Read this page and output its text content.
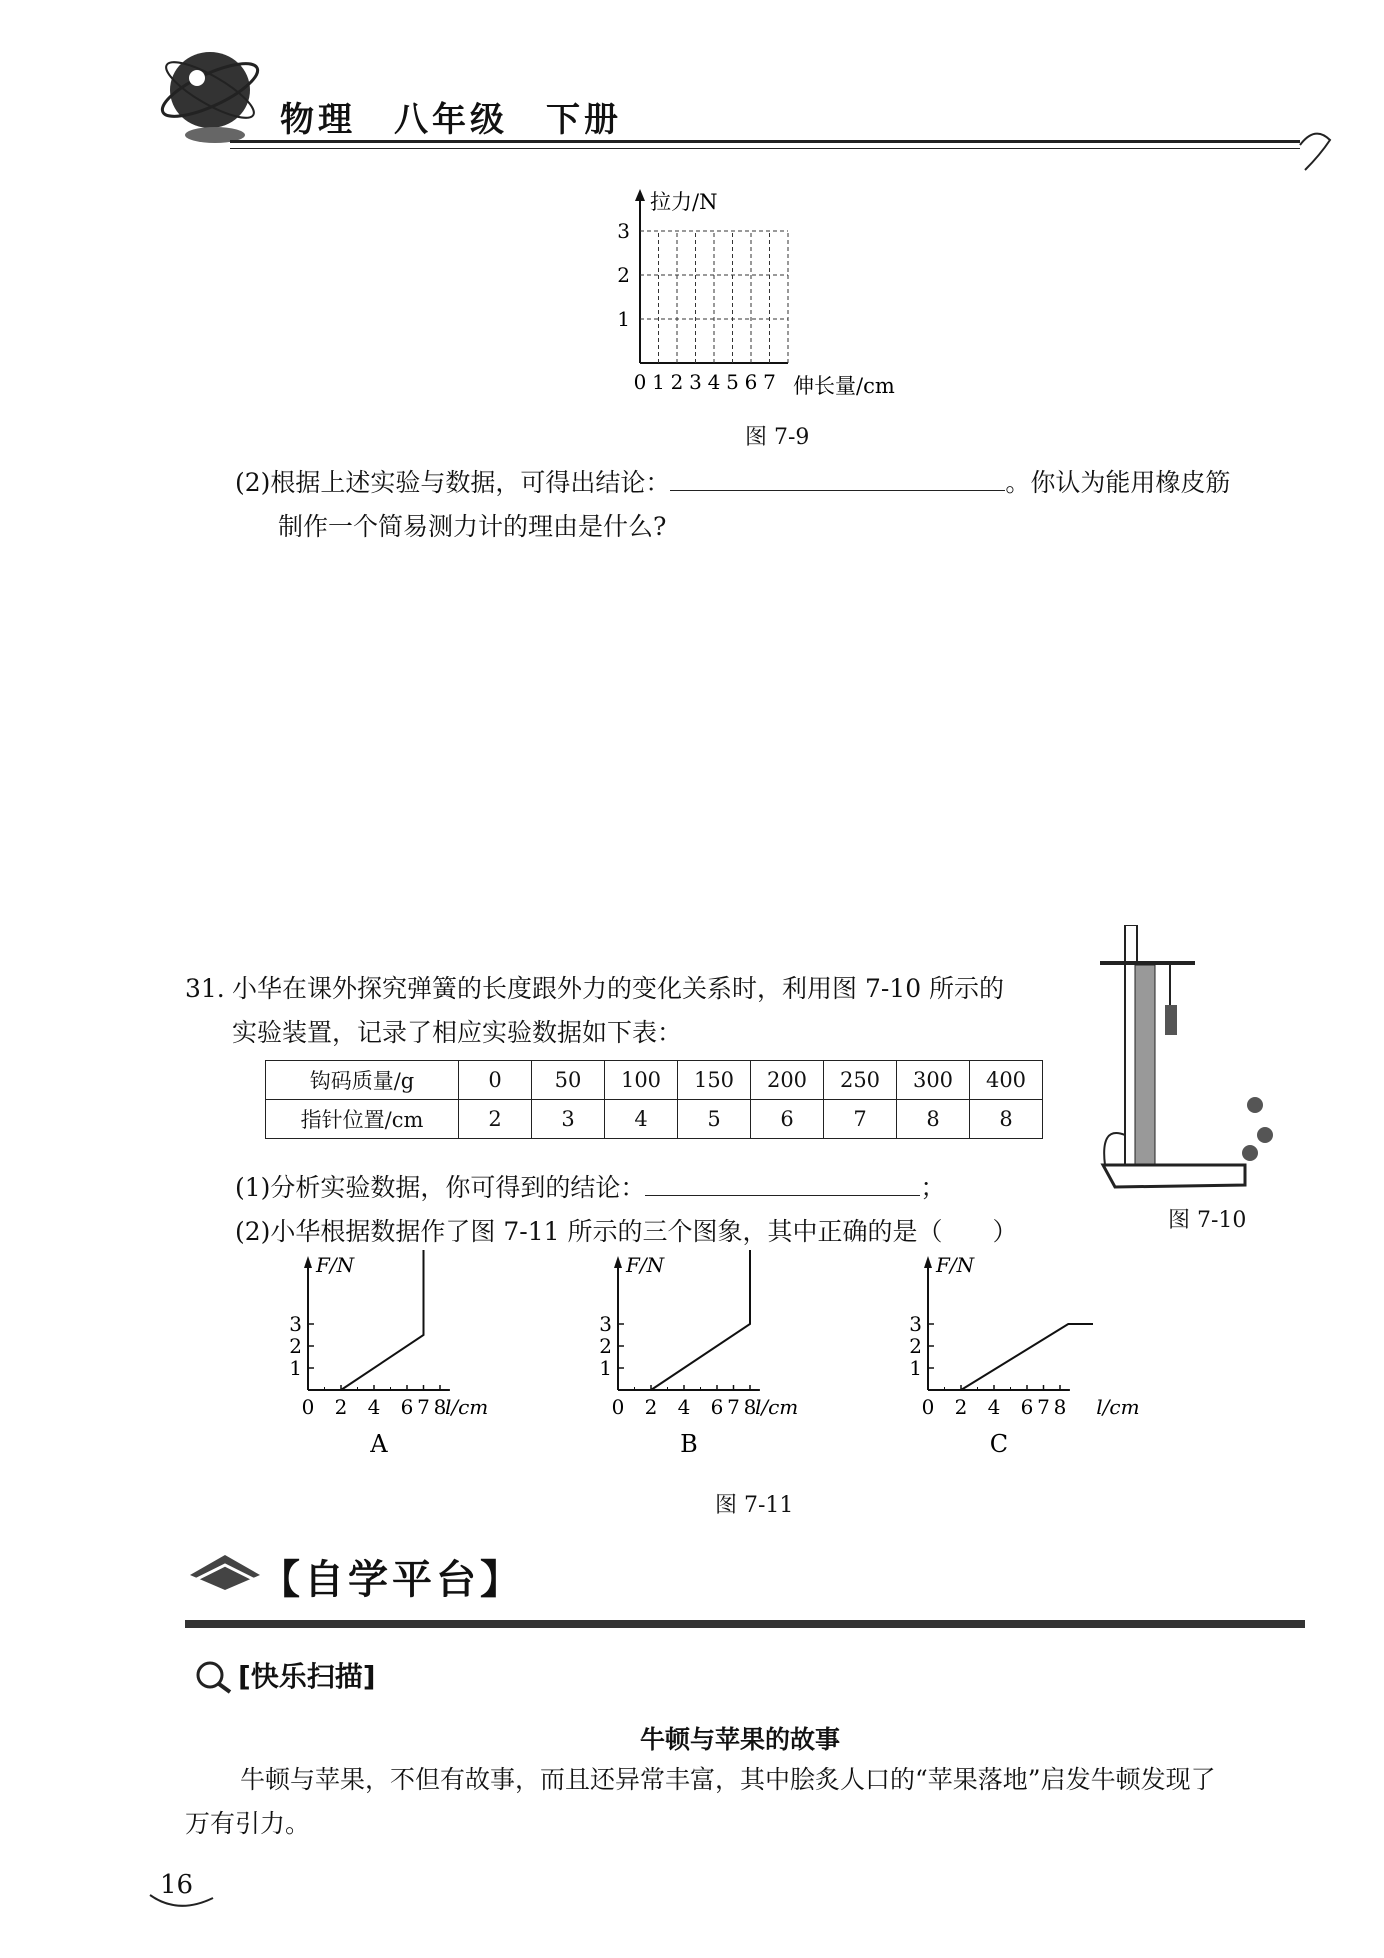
物理　八年级　下册
0 1 2 3 4 5 6 7
1
2
3
拉力/N
伸长量/cm
图 7-9
(2)根据上述实验与数据，可得出结论：	。你认为能用橡皮筋
制作一个简易测力计的理由是什么?
31. 小华在课外探究弹簧的长度跟外力的变化关系时，利用图 7-10 所示的
实验装置，记录了相应实验数据如下表：
钩码质量/g	0	50	100	150	200	250	300	400
指针位置/cm	2	3	4	5	6	7	8	8
(1)分析实验数据，你可得到的结论：	；
(2)小华根据数据作了图 7-11 所示的三个图象，其中正确的是（　　）	图 7-10
F/N
0 2 4 6 7 8
1
2
3
l/cm
A
F/N
0 2 4 6 7 8
1
2
3
l/cm
B
F/N
0 2 4 6 7 8
1
2
3
l/cm
C
图 7-11
【自学平台】
[快乐扫描]
牛顿与苹果的故事
牛顿与苹果，不但有故事，而且还异常丰富，其中脍炙人口的“苹果落地”启发牛顿发现了
万有引力。
16
